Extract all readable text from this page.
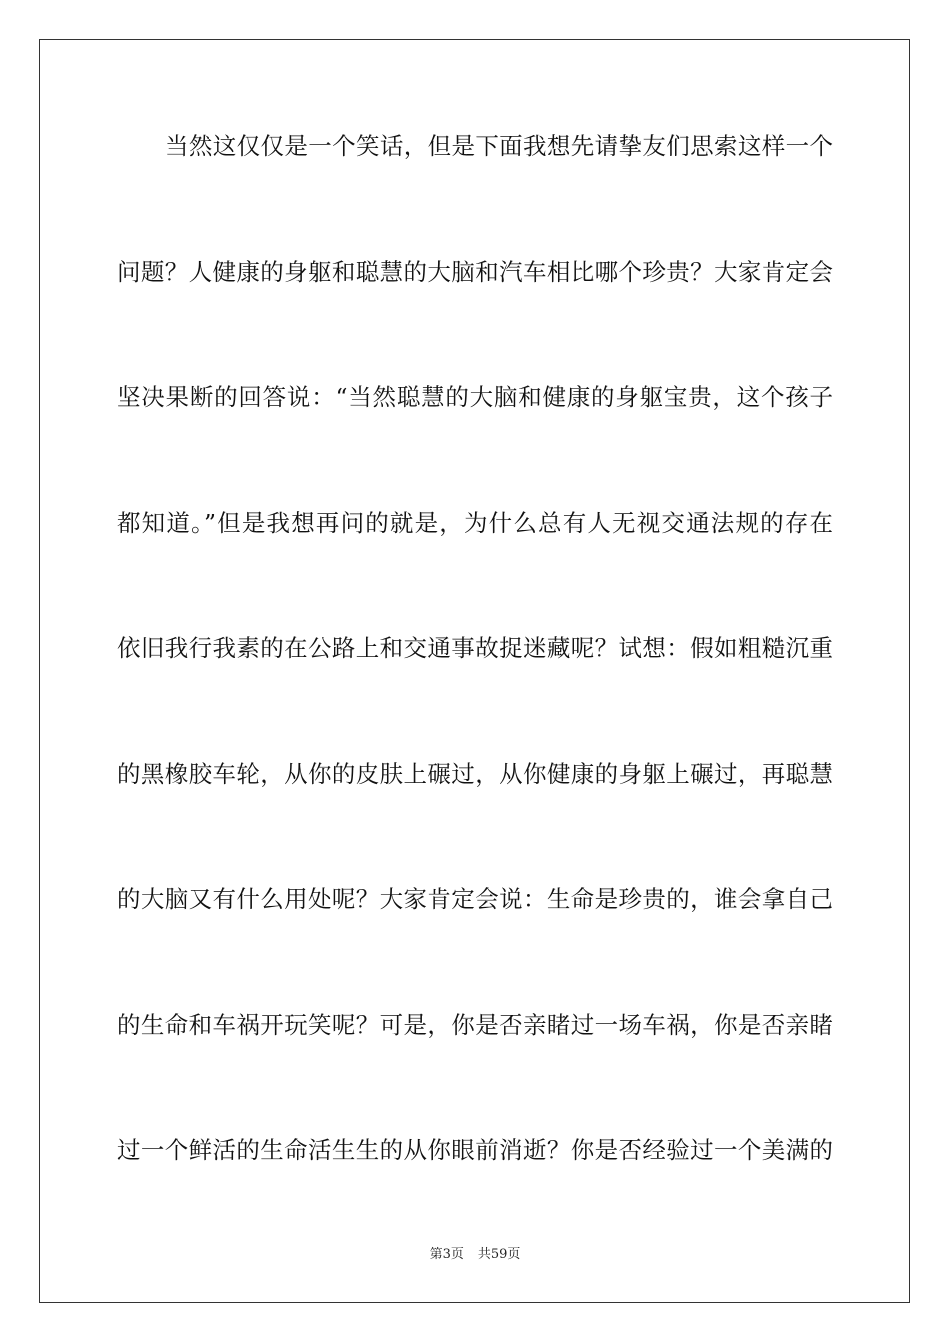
当然这仅仅是一个笑话，但是下面我想先请挚友们思索这样一个
问题？人健康的身躯和聪慧的大脑和汽车相比哪个珍贵？大家肯定会
坚决果断的回答说：“当然聪慧的大脑和健康的身躯宝贵，这个孩子
都知道。”但是我想再问的就是，为什么总有人无视交通法规的存在
依旧我行我素的在公路上和交通事故捉迷藏呢？试想：假如粗糙沉重
的黑橡胶车轮，从你的皮肤上碾过，从你健康的身躯上碾过，再聪慧
的大脑又有什么用处呢？大家肯定会说：生命是珍贵的，谁会拿自己
的生命和车祸开玩笑呢？可是，你是否亲睹过一场车祸，你是否亲睹
过一个鲜活的生命活生生的从你眼前消逝？你是否经验过一个美满的
第3页 共59页
